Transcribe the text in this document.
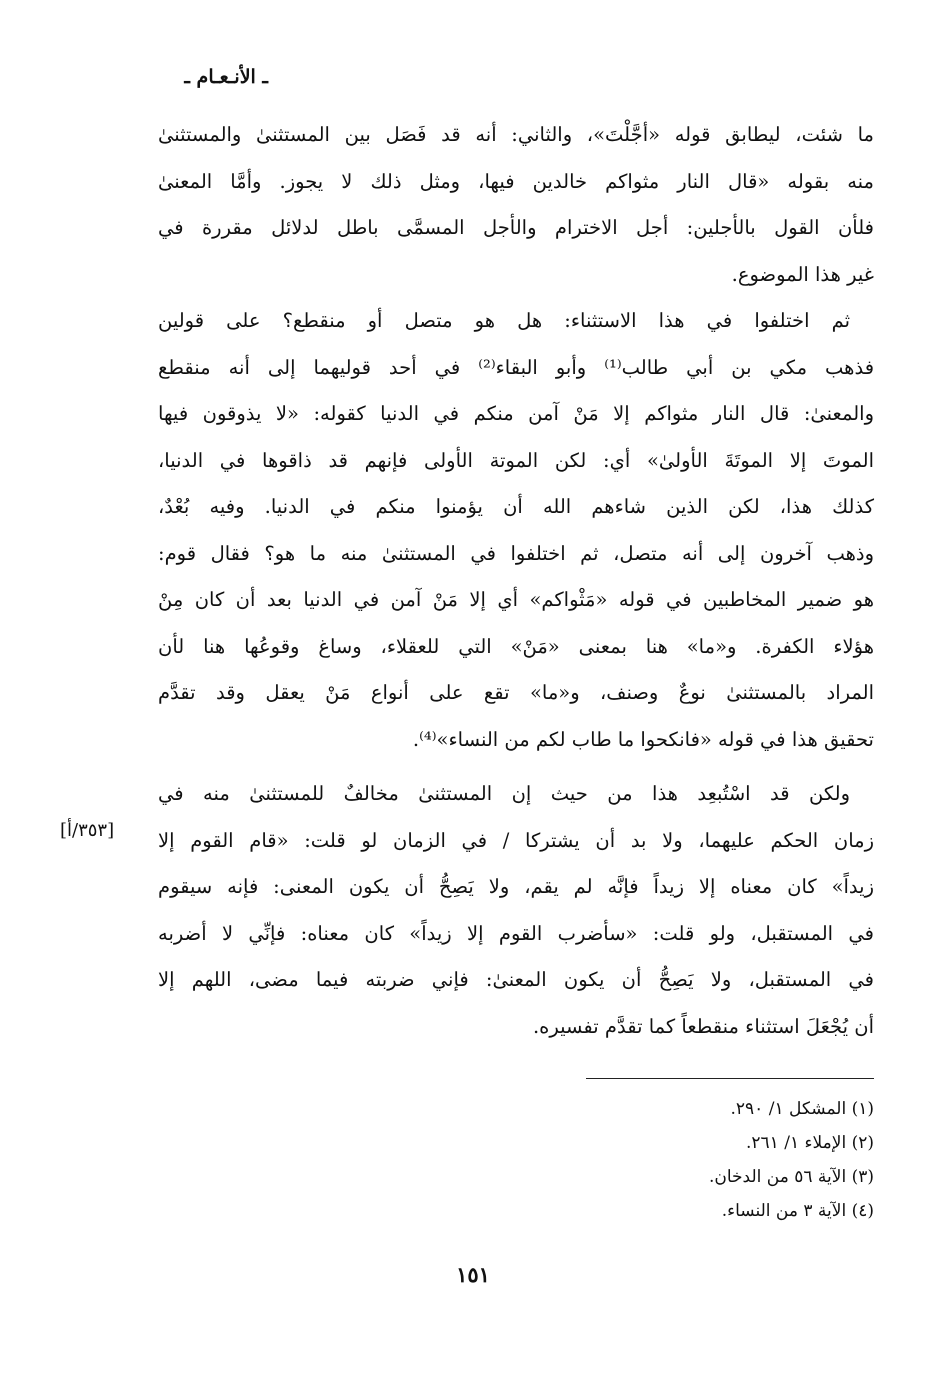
ـ الأنـعـام ـ
ما شئت، ليطابق قوله «أجَّلْتَ»، والثاني: أنه قد فَصَل بين المستثنىٰ والمستثنىٰ
منه بقوله «قال النار مثواكم خالدين فيها، ومثل ذلك لا يجوز. وأمَّا المعنىٰ
فلأن القول بالأجلين: أجل الاخترام والأجل المسمَّى باطل لدلائل مقررة في
غير هذا الموضوع.
ثم اختلفوا في هذا الاستثناء: هل هو متصل أو منقطع؟ على قولين
فذهب مكي بن أبي طالب⁽¹⁾ وأبو البقاء⁽²⁾ في أحد قوليهما إلى أنه منقطع
والمعنىٰ: قال النار مثواكم إلا مَنْ آمن منكم في الدنيا كقوله: «لا يذوقون فيها
الموتَ إلا الموتَةَ الأولىٰ» أي: لكن الموتة الأولى فإنهم قد ذاقوها في الدنيا،
كذلك هذا، لكن الذين شاءهم الله أن يؤمنوا منكم في الدنيا. وفيه بُعْدٌ،
وذهب آخرون إلى أنه متصل، ثم اختلفوا في المستثنىٰ منه ما هو؟ فقال قوم:
هو ضمير المخاطبين في قوله «مَثْواكم» أي إلا مَنْ آمن في الدنيا بعد أن كان مِنْ
هؤلاء الكفرة. و«ما» هنا بمعنى «مَنْ» التي للعقلاء، وساغ وقوعُها هنا لأن
المراد بالمستثنىٰ نوعٌ وصنف، و«ما» تقع على أنواع مَنْ يعقل وقد تقدَّم
تحقيق هذا في قوله «فانكحوا ما طاب لكم من النساء»⁽⁴⁾.
ولكن قد اسْتُبعِد هذا من حيث إن المستثنىٰ مخالفٌ للمستثنىٰ منه في
زمان الحكم عليهما، ولا بد أن يشتركا / في الزمان لو قلت: «قام القوم إلا
زيداً» كان معناه إلا زيداً فإنَّه لم يقم، ولا يَصِحُّ أن يكون المعنى: فإنه سيقوم
في المستقبل، ولو قلت: «سأضرب القوم إلا زيداً» كان معناه: فإنِّي لا أضربه
في المستقبل، ولا يَصِحُّ أن يكون المعنىٰ: فإني ضربته فيما مضى، اللهم إلا
أن يُجْعَلَ استثناء منقطعاً كما تقدَّم تفسيره.
[٣٥٣/أ]
(١) المشكل ١/ ٢٩٠.
(٢) الإملاء ١/ ٢٦١.
(٣) الآية ٥٦ من الدخان.
(٤) الآية ٣ من النساء.
١٥١
